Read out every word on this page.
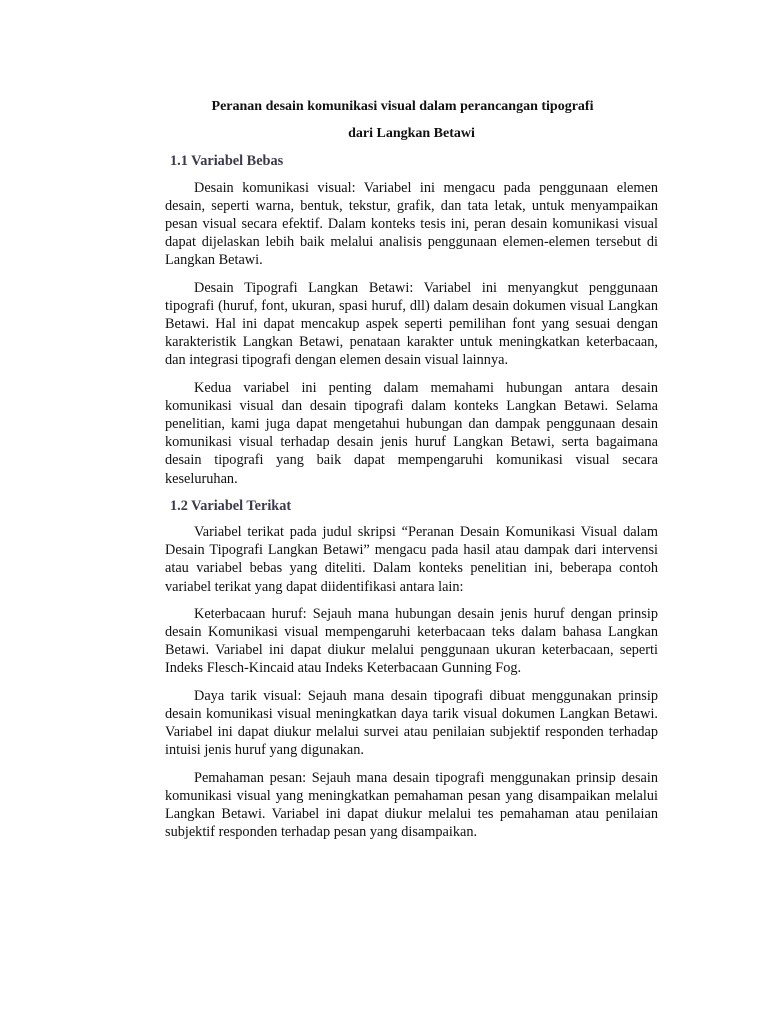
Peranan desain komunikasi visual dalam perancangan tipografi
dari Langkan Betawi
1.1 Variabel Bebas

Desain komunikasi visual: Variabel ini mengacu pada penggunaan elemen desain, seperti warna, bentuk, tekstur, grafik, dan tata letak, untuk menyampaikan pesan visual secara efektif. Dalam konteks tesis ini, peran desain komunikasi visual dapat dijelaskan lebih baik melalui analisis penggunaan elemen-elemen tersebut di Langkan Betawi.

Desain Tipografi Langkan Betawi: Variabel ini menyangkut penggunaan tipografi (huruf, font, ukuran, spasi huruf, dll) dalam desain dokumen visual Langkan Betawi. Hal ini dapat mencakup aspek seperti pemilihan font yang sesuai dengan karakteristik Langkan Betawi, penataan karakter untuk meningkatkan keterbacaan, dan integrasi tipografi dengan elemen desain visual lainnya.

Kedua variabel ini penting dalam memahami hubungan antara desain komunikasi visual dan desain tipografi dalam konteks Langkan Betawi. Selama penelitian, kami juga dapat mengetahui hubungan dan dampak penggunaan desain komunikasi visual terhadap desain jenis huruf Langkan Betawi, serta bagaimana desain tipografi yang baik dapat mempengaruhi komunikasi visual secara keseluruhan.

1.2 Variabel Terikat

Variabel terikat pada judul skripsi “Peranan Desain Komunikasi Visual dalam Desain Tipografi Langkan Betawi” mengacu pada hasil atau dampak dari intervensi atau variabel bebas yang diteliti. Dalam konteks penelitian ini, beberapa contoh variabel terikat yang dapat diidentifikasi antara lain:

Keterbacaan huruf: Sejauh mana hubungan desain jenis huruf dengan prinsip desain Komunikasi visual mempengaruhi keterbacaan teks dalam bahasa Langkan Betawi. Variabel ini dapat diukur melalui penggunaan ukuran keterbacaan, seperti Indeks Flesch-Kincaid atau Indeks Keterbacaan Gunning Fog.

Daya tarik visual: Sejauh mana desain tipografi dibuat menggunakan prinsip desain komunikasi visual meningkatkan daya tarik visual dokumen Langkan Betawi. Variabel ini dapat diukur melalui survei atau penilaian subjektif responden terhadap intuisi jenis huruf yang digunakan.

Pemahaman pesan: Sejauh mana desain tipografi menggunakan prinsip desain komunikasi visual yang meningkatkan pemahaman pesan yang disampaikan melalui Langkan Betawi. Variabel ini dapat diukur melalui tes pemahaman atau penilaian subjektif responden terhadap pesan yang disampaikan.
